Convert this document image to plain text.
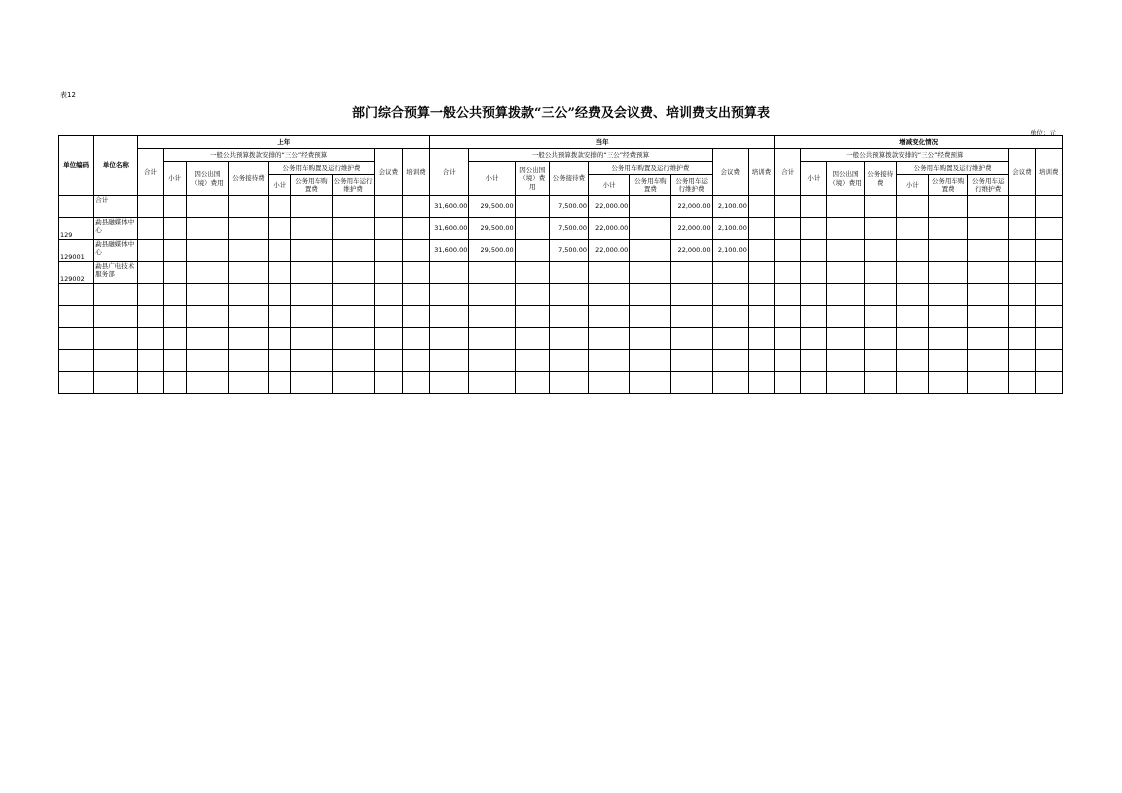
表12
部门综合预算一般公共预算拨款“三公”经费及会议费、培训费支出预算表
单位：元
单位编码	单位名称	上年									当年									增减变化情况								
		合计	一般公共预算拨款安排的“三公”经费预算						会议费	培训费	合计	一般公共预算拨款安排的“三公”经费预算						会议费	培训费	合计	一般公共预算拨款安排的“三公”经费预算						会议费	培训费
			小计	因公出国（境）费用	公务接待费	公务用车购置及运行维护费						小计	因公出国（境）费用	公务接待费	公务用车购置及运行维护费						小计	因公出国（境）费用	公务接待费	公务用车购置及运行维护费				
						小计	公务用车购置费	公务用车运行维护费							小计	公务用车购置费	公务用车运行维护费							小计	公务用车购置费	公务用车运行维护费		
	合计										31,600.00	29,500.00		7,500.00	22,000.00		22,000.00	2,100.00										
129	勐县融媒体中心										31,600.00	29,500.00		7,500.00	22,000.00		22,000.00	2,100.00										
129001	勐县融媒体中心										31,600.00	29,500.00		7,500.00	22,000.00		22,000.00	2,100.00										
129002	勐县广电技术服务部																											
